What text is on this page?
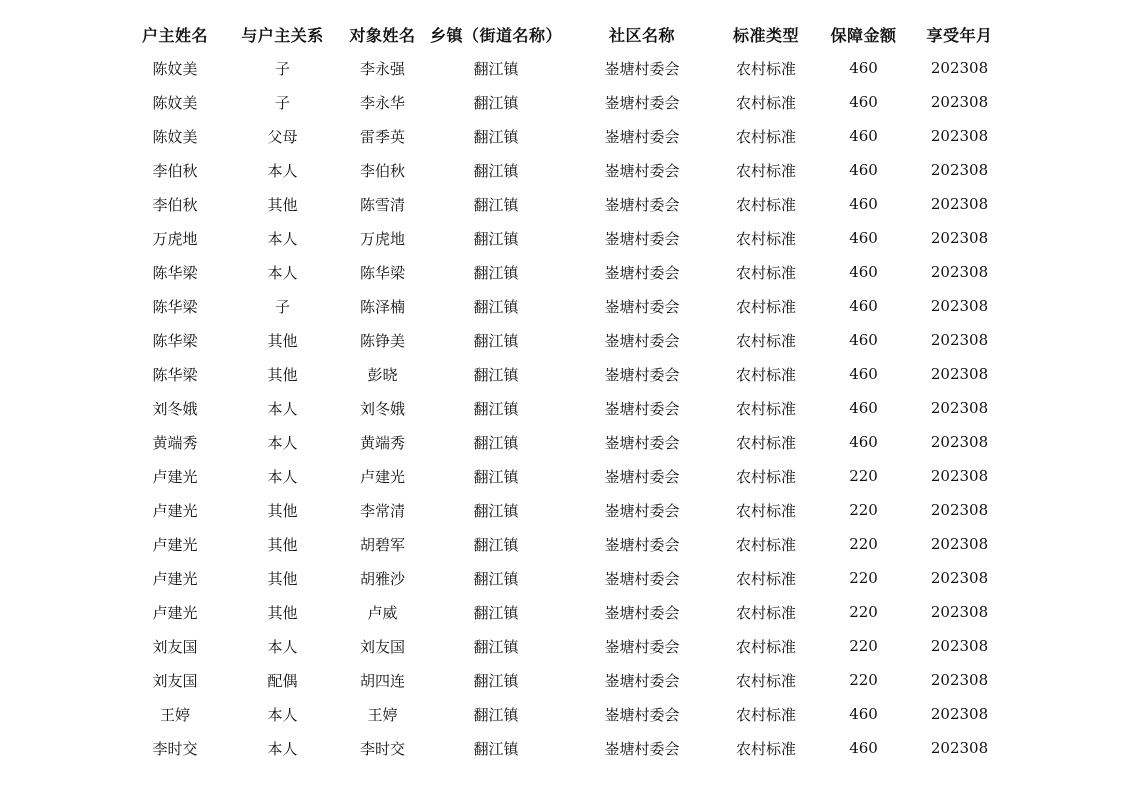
户主姓名	与户主关系	对象姓名	乡镇（街道名称）	社区名称	标准类型	保障金额	享受年月
陈妏美	子	李永强	翻江镇	崟塘村委会	农村标准	460	202308
陈妏美	子	李永华	翻江镇	崟塘村委会	农村标准	460	202308
陈妏美	父母	雷季英	翻江镇	崟塘村委会	农村标准	460	202308
李伯秋	本人	李伯秋	翻江镇	崟塘村委会	农村标准	460	202308
李伯秋	其他	陈雪清	翻江镇	崟塘村委会	农村标准	460	202308
万虎地	本人	万虎地	翻江镇	崟塘村委会	农村标准	460	202308
陈华梁	本人	陈华梁	翻江镇	崟塘村委会	农村标准	460	202308
陈华梁	子	陈泽楠	翻江镇	崟塘村委会	农村标准	460	202308
陈华梁	其他	陈铮美	翻江镇	崟塘村委会	农村标准	460	202308
陈华梁	其他	彭晓	翻江镇	崟塘村委会	农村标准	460	202308
刘冬娥	本人	刘冬娥	翻江镇	崟塘村委会	农村标准	460	202308
黄端秀	本人	黄端秀	翻江镇	崟塘村委会	农村标准	460	202308
卢建光	本人	卢建光	翻江镇	崟塘村委会	农村标准	220	202308
卢建光	其他	李常清	翻江镇	崟塘村委会	农村标准	220	202308
卢建光	其他	胡碧军	翻江镇	崟塘村委会	农村标准	220	202308
卢建光	其他	胡雅沙	翻江镇	崟塘村委会	农村标准	220	202308
卢建光	其他	卢威	翻江镇	崟塘村委会	农村标准	220	202308
刘友国	本人	刘友国	翻江镇	崟塘村委会	农村标准	220	202308
刘友国	配偶	胡四连	翻江镇	崟塘村委会	农村标准	220	202308
王婷	本人	王婷	翻江镇	崟塘村委会	农村标准	460	202308
李时交	本人	李时交	翻江镇	崟塘村委会	农村标准	460	202308
